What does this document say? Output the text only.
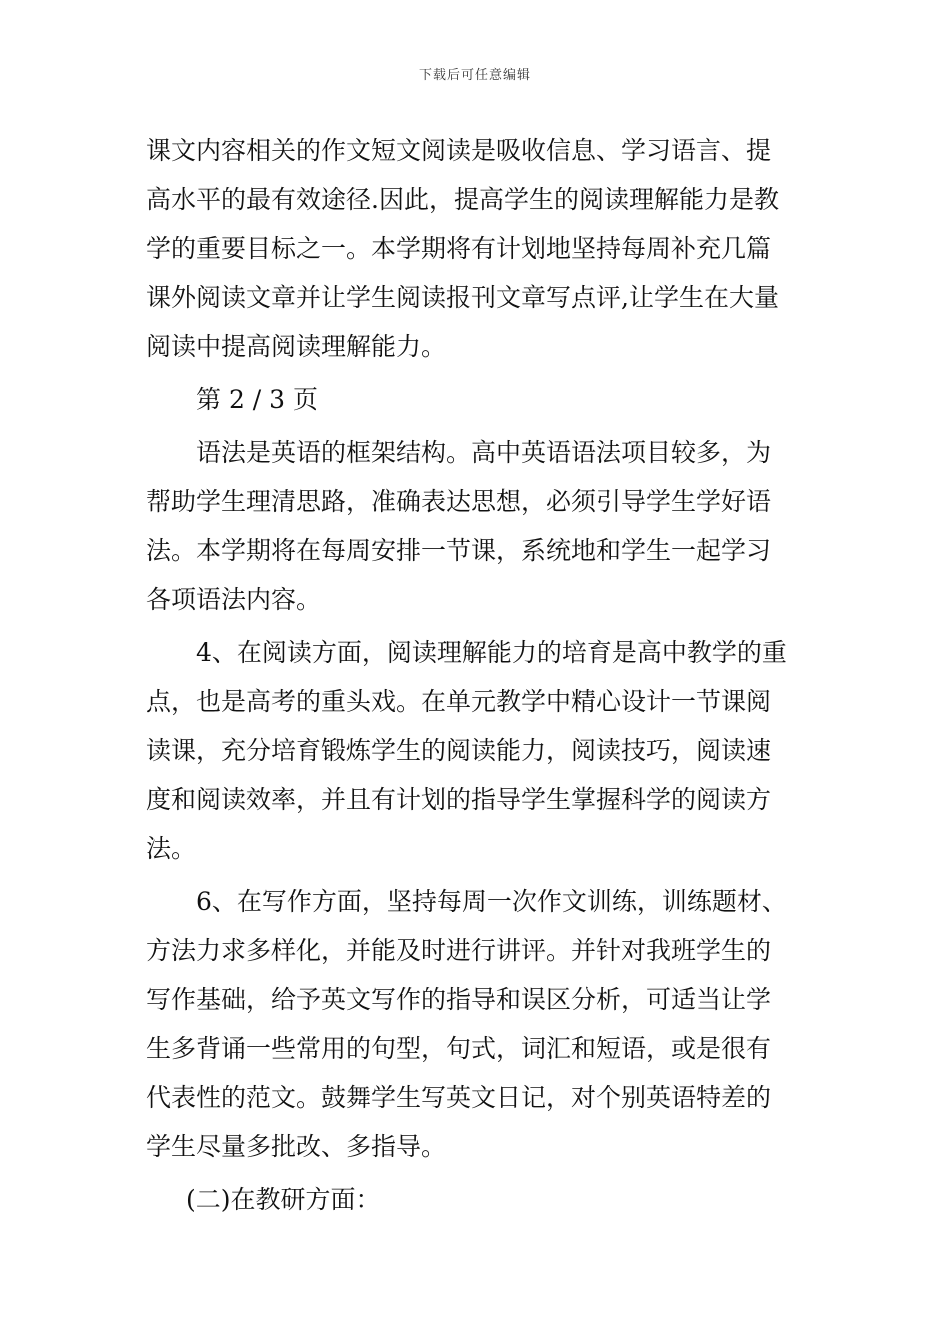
下载后可任意编辑
课文内容相关的作文短文阅读是吸收信息、学习语言、提
高水平的最有效途径.因此，提高学生的阅读理解能力是教
学的重要目标之一。本学期将有计划地坚持每周补充几篇
课外阅读文章并让学生阅读报刊文章写点评,让学生在大量
阅读中提高阅读理解能力。
第 2 / 3 页
语法是英语的框架结构。高中英语语法项目较多，为
帮助学生理清思路，准确表达思想，必须引导学生学好语
法。本学期将在每周安排一节课，系统地和学生一起学习
各项语法内容。
4、在阅读方面，阅读理解能力的培育是高中教学的重
点，也是高考的重头戏。在单元教学中精心设计一节课阅
读课，充分培育锻炼学生的阅读能力，阅读技巧，阅读速
度和阅读效率，并且有计划的指导学生掌握科学的阅读方
法。
6、在写作方面，坚持每周一次作文训练，训练题材、
方法力求多样化，并能及时进行讲评。并针对我班学生的
写作基础，给予英文写作的指导和误区分析，可适当让学
生多背诵一些常用的句型，句式，词汇和短语，或是很有
代表性的范文。鼓舞学生写英文日记，对个别英语特差的
学生尽量多批改、多指导。
(二)在教研方面：
